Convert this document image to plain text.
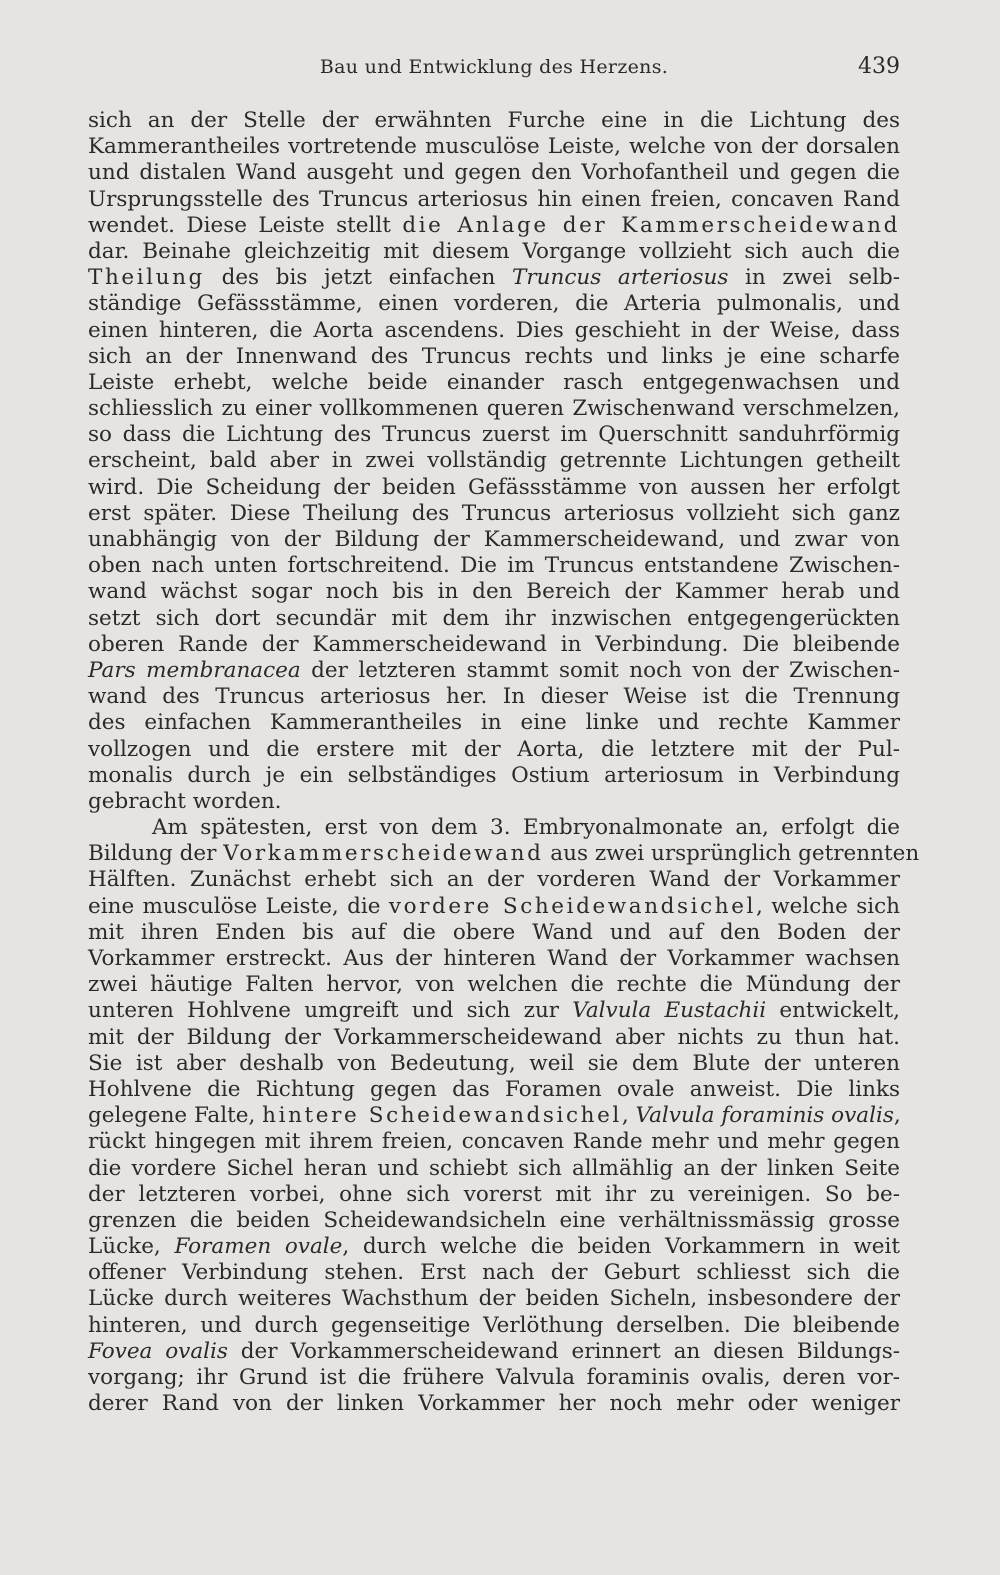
Bau und Entwicklung des Herzens.	439
sich an der Stelle der erwähnten Furche eine in die Lichtung des
Kammerantheiles vortretende musculöse Leiste, welche von der dorsalen
und distalen Wand ausgeht und gegen den Vorhofantheil und gegen die
Ursprungsstelle des Truncus arteriosus hin einen freien, concaven Rand
wendet. Diese Leiste stellt die Anlage der Kammerscheidewand
dar. Beinahe gleichzeitig mit diesem Vorgange vollzieht sich auch die
Theilung des bis jetzt einfachen Truncus arteriosus in zwei selb-
ständige Gefässstämme, einen vorderen, die Arteria pulmonalis, und
einen hinteren, die Aorta ascendens. Dies geschieht in der Weise, dass
sich an der Innenwand des Truncus rechts und links je eine scharfe
Leiste erhebt, welche beide einander rasch entgegenwachsen und
schliesslich zu einer vollkommenen queren Zwischenwand verschmelzen,
so dass die Lichtung des Truncus zuerst im Querschnitt sanduhrförmig
erscheint, bald aber in zwei vollständig getrennte Lichtungen getheilt
wird. Die Scheidung der beiden Gefässstämme von aussen her erfolgt
erst später. Diese Theilung des Truncus arteriosus vollzieht sich ganz
unabhängig von der Bildung der Kammerscheidewand, und zwar von
oben nach unten fortschreitend. Die im Truncus entstandene Zwischen-
wand wächst sogar noch bis in den Bereich der Kammer herab und
setzt sich dort secundär mit dem ihr inzwischen entgegengerückten
oberen Rande der Kammerscheidewand in Verbindung. Die bleibende
Pars membranacea der letzteren stammt somit noch von der Zwischen-
wand des Truncus arteriosus her. In dieser Weise ist die Trennung
des einfachen Kammerantheiles in eine linke und rechte Kammer
vollzogen und die erstere mit der Aorta, die letztere mit der Pul-
monalis durch je ein selbständiges Ostium arteriosum in Verbindung
gebracht worden.
Am spätesten, erst von dem 3. Embryonalmonate an, erfolgt die
Bildung der Vorkammerscheidewand aus zwei ursprünglich getrennten
Hälften. Zunächst erhebt sich an der vorderen Wand der Vorkammer
eine musculöse Leiste, die vordere Scheidewandsichel, welche sich
mit ihren Enden bis auf die obere Wand und auf den Boden der
Vorkammer erstreckt. Aus der hinteren Wand der Vorkammer wachsen
zwei häutige Falten hervor, von welchen die rechte die Mündung der
unteren Hohlvene umgreift und sich zur Valvula Eustachii entwickelt,
mit der Bildung der Vorkammerscheidewand aber nichts zu thun hat.
Sie ist aber deshalb von Bedeutung, weil sie dem Blute der unteren
Hohlvene die Richtung gegen das Foramen ovale anweist. Die links
gelegene Falte, hintere Scheidewandsichel, Valvula foraminis ovalis,
rückt hingegen mit ihrem freien, concaven Rande mehr und mehr gegen
die vordere Sichel heran und schiebt sich allmählig an der linken Seite
der letzteren vorbei, ohne sich vorerst mit ihr zu vereinigen. So be-
grenzen die beiden Scheidewandsicheln eine verhältnissmässig grosse
Lücke, Foramen ovale, durch welche die beiden Vorkammern in weit
offener Verbindung stehen. Erst nach der Geburt schliesst sich die
Lücke durch weiteres Wachsthum der beiden Sicheln, insbesondere der
hinteren, und durch gegenseitige Verlöthung derselben. Die bleibende
Fovea ovalis der Vorkammerscheidewand erinnert an diesen Bildungs-
vorgang; ihr Grund ist die frühere Valvula foraminis ovalis, deren vor-
derer Rand von der linken Vorkammer her noch mehr oder weniger
